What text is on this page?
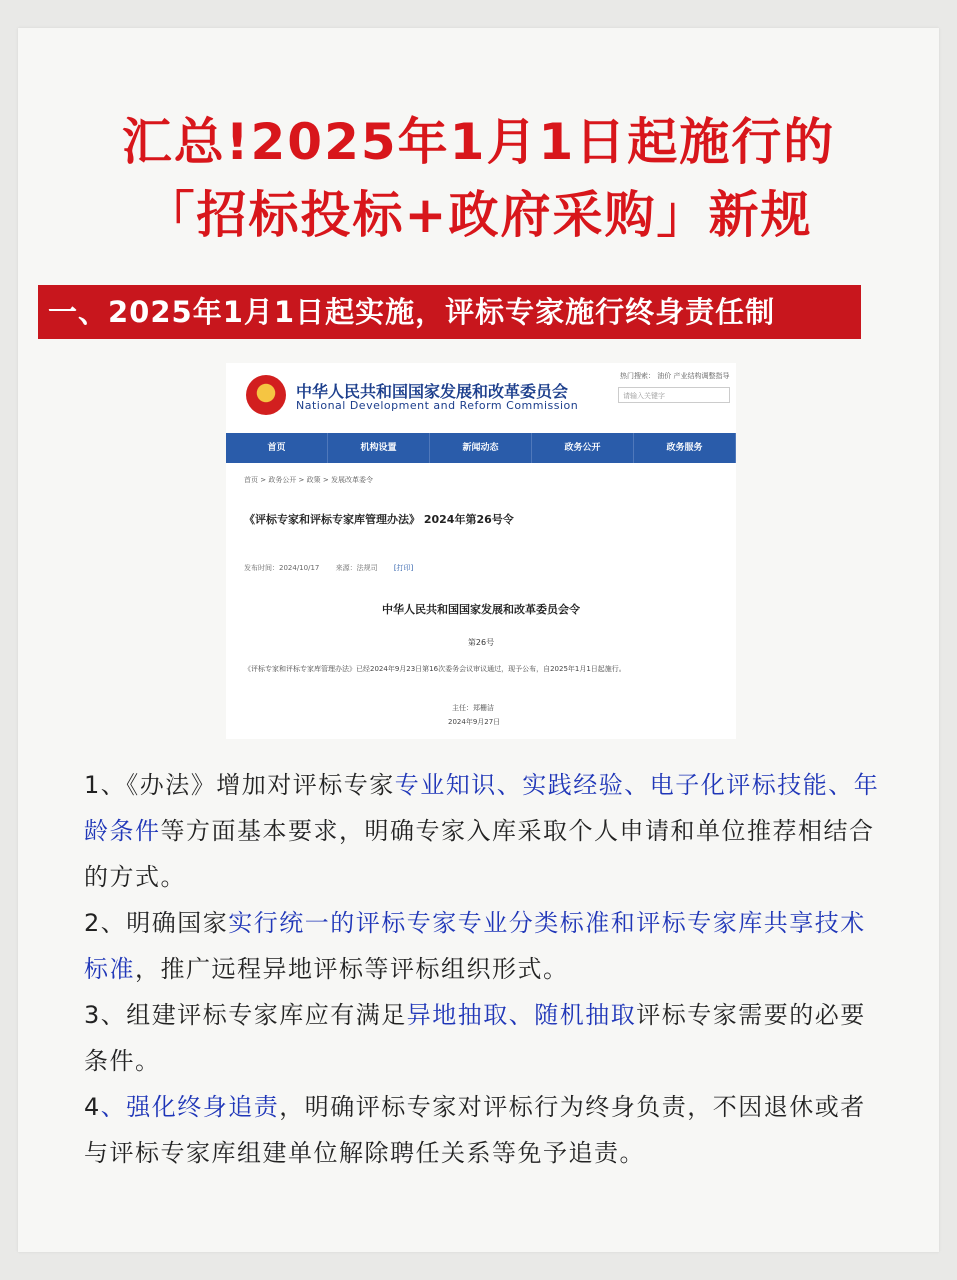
汇总!2025年1月1日起施行的
「招标投标+政府采购」新规
一、2025年1月1日起实施，评标专家施行终身责任制
中华人民共和国国家发展和改革委员会
National Development and Reform Commission
热门搜索： 油价 产业结构调整指导
请输入关键字
首页	机构设置	新闻动态	政务公开	政务服务
首页 > 政务公开 > 政策 > 发展改革委令
《评标专家和评标专家库管理办法》 2024年第26号令
发布时间：2024/10/17 来源：法规司 [打印]
中华人民共和国国家发展和改革委员会令
第26号
《评标专家和评标专家库管理办法》已经2024年9月23日第16次委务会议审议通过，现予公布，自2025年1月1日起施行。
主任：郑栅洁
2024年9月27日

1、《办法》增加对评标专家专业知识、实践经验、电子化评标技能、年龄条件等方面基本要求，明确专家入库采取个人申请和单位推荐相结合的方式。

2、明确国家实行统一的评标专家专业分类标准和评标专家库共享技术标准，推广远程异地评标等评标组织形式。

3、组建评标专家库应有满足异地抽取、随机抽取评标专家需要的必要条件。

4、强化终身追责，明确评标专家对评标行为终身负责，不因退休或者与评标专家库组建单位解除聘任关系等免予追责。
